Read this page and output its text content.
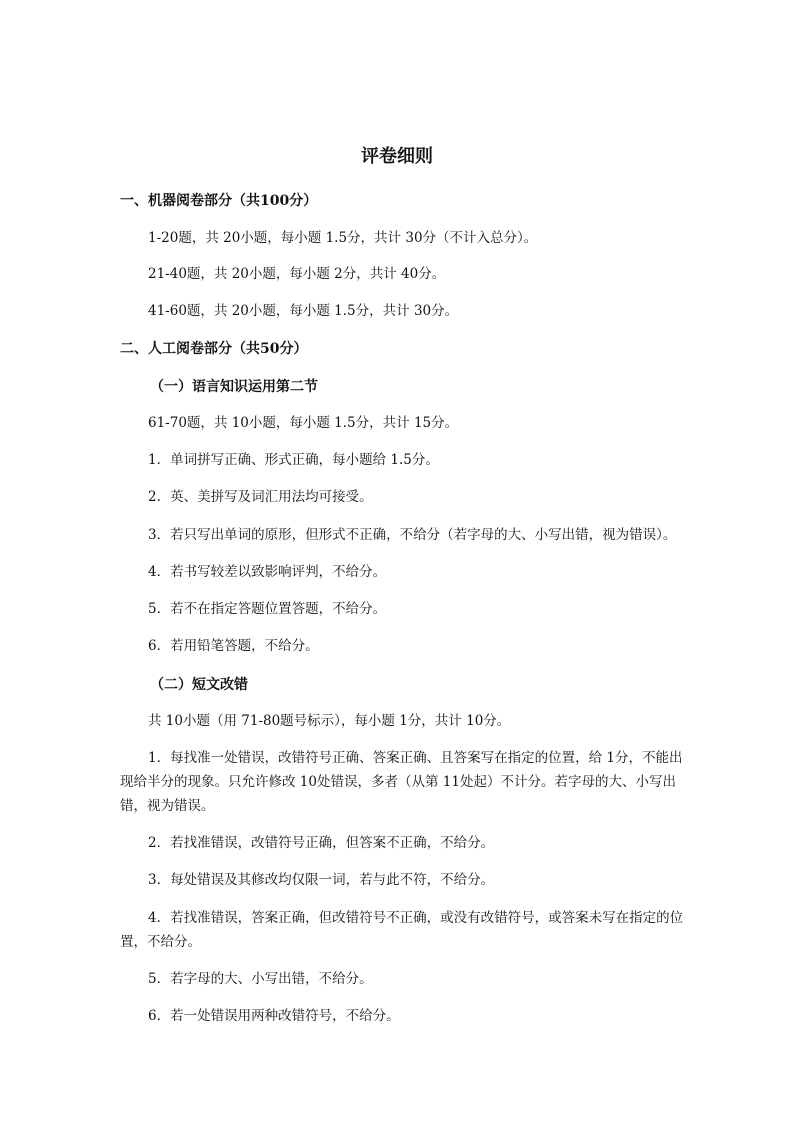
评卷细则
一、机器阅卷部分（共100分）
1-20题，共 20小题，每小题 1.5分，共计 30分（不计入总分）。
21-40题，共 20小题，每小题 2分，共计 40分。
41-60题，共 20小题，每小题 1.5分，共计 30分。
二、人工阅卷部分（共50分）
（一）语言知识运用第二节
61-70题，共 10小题，每小题 1.5分，共计 15分。
1．单词拼写正确、形式正确，每小题给 1.5分。
2．英、美拼写及词汇用法均可接受。
3．若只写出单词的原形，但形式不正确，不给分（若字母的大、小写出错，视为错误）。
4．若书写较差以致影响评判，不给分。
5．若不在指定答题位置答题，不给分。
6．若用铅笔答题，不给分。
（二）短文改错
共 10小题（用 71-80题号标示），每小题 1分，共计 10分。
1．每找准一处错误，改错符号正确、答案正确、且答案写在指定的位置，给 1分，不能出现给半分的现象。只允许修改 10处错误，多者（从第 11处起）不计分。若字母的大、小写出错，视为错误。
2．若找准错误，改错符号正确，但答案不正确，不给分。
3．每处错误及其修改均仅限一词，若与此不符，不给分。
4．若找准错误，答案正确，但改错符号不正确，或没有改错符号，或答案未写在指定的位置，不给分。
5．若字母的大、小写出错，不给分。
6．若一处错误用两种改错符号，不给分。
